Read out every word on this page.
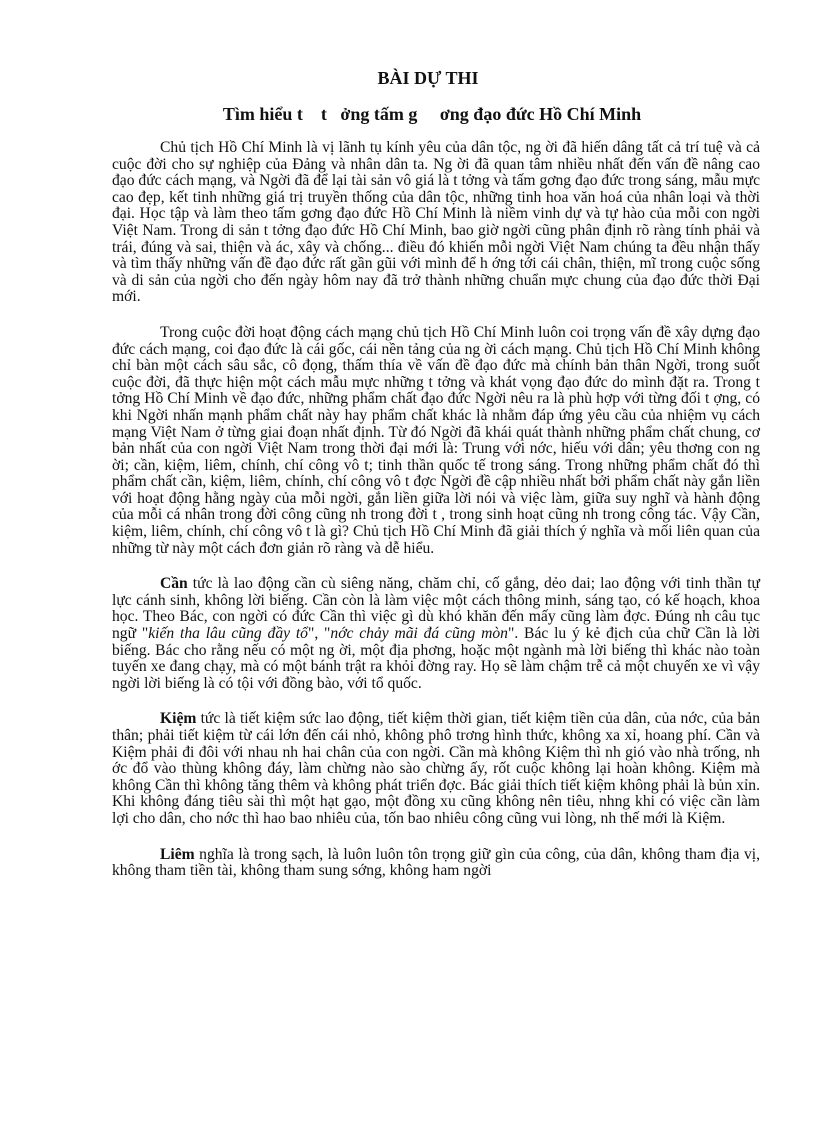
BÀI DỰ THI
Tìm hiểu t    t   ởng tấm g     ơng đạo đức Hồ Chí Minh

Chủ tịch Hồ Chí Minh là vị lãnh tụ kính yêu của dân tộc, ng ời đã hiến dâng tất cả trí tuệ và cả cuộc đời cho sự nghiệp của Đảng và nhân dân ta. Ng ời đã quan tâm nhiều nhất đến vấn đề nâng cao đạo đức cách mạng, và Ngời đã để lại tài sản vô giá là t tởng và tấm gơng đạo đức trong sáng, mẫu mực cao đẹp, kết tinh những giá trị truyền thống của dân tộc, những tinh hoa văn hoá của nhân loại và thời đại. Học tập và làm theo tấm gơng đạo đức Hồ Chí Minh là niềm vinh dự và tự hào của mỗi con ngời Việt Nam. Trong di sản t tởng đạo đức Hồ Chí Minh, bao giờ ngời cũng phân định rõ ràng tính phải và trái, đúng và sai, thiện và ác, xây và chống... điều đó khiến mỗi ngời Việt Nam chúng ta đều nhận thấy và tìm thấy những vấn đề đạo đức rất gần gũi với mình để h ớng tới cái chân, thiện, mĩ trong cuộc sống và di sản của ngời cho đến ngày hôm nay đã trở thành những chuẩn mực chung của đạo đức thời Đại mới.

Trong cuộc đời hoạt động cách mạng chủ tịch Hồ Chí Minh luôn coi trọng vấn đề xây dựng đạo đức cách mạng, coi đạo đức là cái gốc, cái nền tảng của ng ời cách mạng. Chủ tịch Hồ Chí Minh không chỉ bàn một cách sâu sắc, cô đọng, thấm thía về vấn đề đạo đức mà chính bản thân Ngời, trong suốt cuộc đời, đã thực hiện một cách mẫu mực những t tởng và khát vọng đạo đức do mình đặt ra. Trong t tởng Hồ Chí Minh về đạo đức, những phẩm chất đạo đức Ngời nêu ra là phù hợp với từng đối t ợng, có khi Ngời nhấn mạnh phẩm chất này hay phẩm chất khác là nhằm đáp ứng yêu cầu của nhiệm vụ cách mạng Việt Nam ở từng giai đoạn nhất định. Từ đó Ngời đã khái quát thành những phẩm chất chung, cơ bản nhất của con ngời Việt Nam trong thời đại mới là: Trung với nớc, hiếu với dân; yêu thơng con ng ời; cần, kiệm, liêm, chính, chí công vô t; tinh thần quốc tế trong sáng. Trong những phẩm chất đó thì phẩm chất cần, kiệm, liêm, chính, chí công vô t đợc Ngời đề cập nhiều nhất bởi phẩm chất này gắn liền với hoạt động hằng ngày của mỗi ngời, gắn liền giữa lời nói và việc làm, giữa suy nghĩ và hành động của mỗi cá nhân trong đời công cũng nh trong đời t , trong sinh hoạt cũng nh trong công tác. Vậy Cần, kiệm, liêm, chính, chí công vô t là gì? Chủ tịch Hồ Chí Minh đã giải thích ý nghĩa và mối liên quan của những từ này một cách đơn giản rõ ràng và dễ hiểu.

Cần tức là lao động cần cù siêng năng, chăm chỉ, cố gắng, dẻo dai; lao động với tinh thần tự lực cánh sinh, không lời biếng. Cần còn là làm việc một cách thông minh, sáng tạo, có kế hoạch, khoa học. Theo Bác, con ngời có đức Cần thì việc gì dù khó khăn đến mấy cũng làm đợc. Đúng nh câu tục ngữ "kiến tha lâu cũng đầy tổ", "nớc chảy mãi đá cũng mòn". Bác lu ý kẻ địch của chữ Cần là lời biếng. Bác cho rằng nếu có một ng ời, một địa phơng, hoặc một ngành mà lời biếng thì khác nào toàn tuyến xe đang chạy, mà có một bánh trật ra khỏi đờng ray. Họ sẽ làm chậm trễ cả một chuyến xe vì vậy ngời lời biếng là có tội với đồng bào, với tổ quốc.

Kiệm tức là tiết kiệm sức lao động, tiết kiệm thời gian, tiết kiệm tiền của dân, của nớc, của bản thân; phải tiết kiệm từ cái lớn đến cái nhỏ, không phô trơng hình thức, không xa xỉ, hoang phí. Cần và Kiệm phải đi đôi với nhau nh hai chân của con ngời. Cần mà không Kiệm thì nh gió vào nhà trống, nh ớc đổ vào thùng không đáy, làm chừng nào sào chừng ấy, rốt cuộc không lại hoàn không. Kiệm mà không Cần thì không tăng thêm và không phát triển đợc. Bác giải thích tiết kiệm không phải là bủn xỉn. Khi không đáng tiêu sài thì một hạt gạo, một đồng xu cũng không nên tiêu, nhng khi có việc cần làm lợi cho dân, cho nớc thì hao bao nhiêu của, tốn bao nhiêu công cũng vui lòng, nh thế mới là Kiệm.

Liêm nghĩa là trong sạch, là luôn luôn tôn trọng giữ gìn của công, của dân, không tham địa vị, không tham tiền tài, không tham sung sớng, không ham ngời
